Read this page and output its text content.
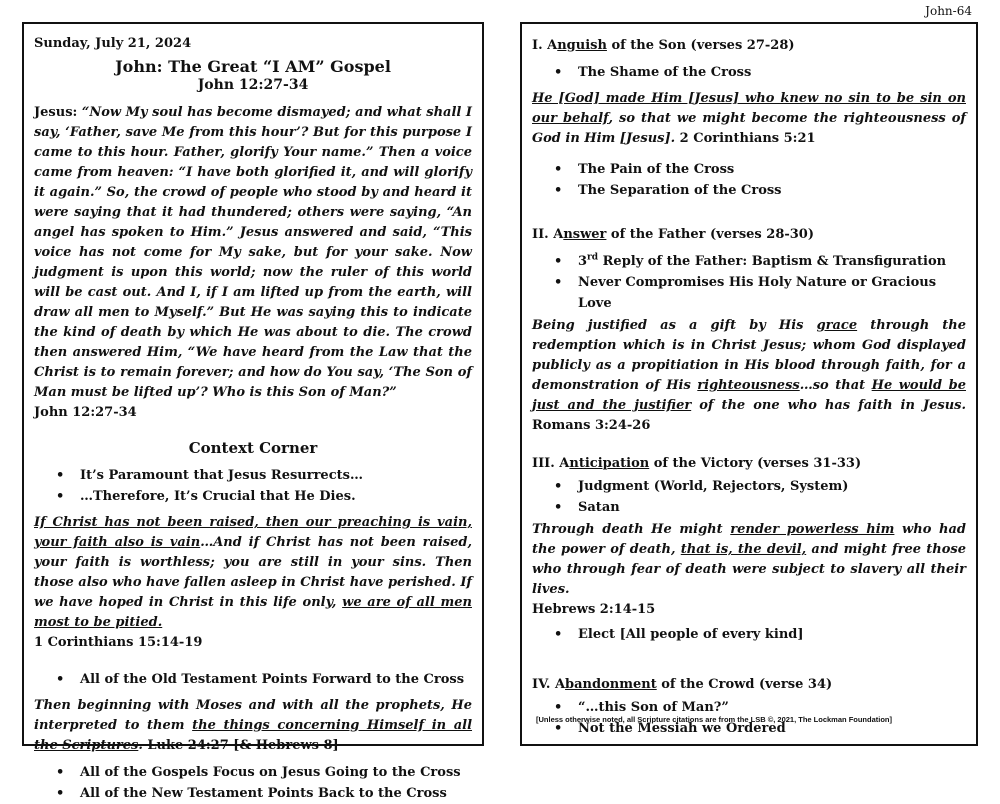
John-64
Sunday, July 21, 2024
John: The Great “I AM” Gospel
John 12:27-34
Jesus: “Now My soul has become dismayed; and what shall I say, ‘Father, save Me from this hour’? But for this purpose I came to this hour. Father, glorify Your name.” Then a voice came from heaven: “I have both glorified it, and will glorify it again.” So, the crowd of people who stood by and heard it were saying that it had thundered; others were saying, “An angel has spoken to Him.” Jesus answered and said, “This voice has not come for My sake, but for your sake. Now judgment is upon this world; now the ruler of this world will be cast out. And I, if I am lifted up from the earth, will draw all men to Myself.” But He was saying this to indicate the kind of death by which He was about to die. The crowd then answered Him, “We have heard from the Law that the Christ is to remain forever; and how do You say, ‘The Son of Man must be lifted up’? Who is this Son of Man?”
John 12:27-34
Context Corner
• It’s Paramount that Jesus Resurrects…
• …Therefore, It’s Crucial that He Dies.
If Christ has not been raised, then our preaching is vain, your faith also is vain…And if Christ has not been raised, your faith is worthless; you are still in your sins. Then those also who have fallen asleep in Christ have perished. If we have hoped in Christ in this life only, we are of all men most to be pitied.
1 Corinthians 15:14-19
• All of the Old Testament Points Forward to the Cross
Then beginning with Moses and with all the prophets, He interpreted to them the things concerning Himself in all the Scriptures. Luke 24:27 [& Hebrews 8]
• All of the Gospels Focus on Jesus Going to the Cross
• All of the New Testament Points Back to the Cross
I. Anguish of the Son (verses 27-28)
• The Shame of the Cross
He [God] made Him [Jesus] who knew no sin to be sin on our behalf, so that we might become the righteousness of God in Him [Jesus]. 2 Corinthians 5:21
• The Pain of the Cross
• The Separation of the Cross
II. Answer of the Father (verses 28-30)
• 3rd Reply of the Father: Baptism & Transfiguration
• Never Compromises His Holy Nature or Gracious Love
Being justified as a gift by His grace through the redemption which is in Christ Jesus; whom God displayed publicly as a propitiation in His blood through faith, for a demonstration of His righteousness…so that He would be just and the justifier of the one who has faith in Jesus. Romans 3:24-26
III. Anticipation of the Victory (verses 31-33)
• Judgment (World, Rejectors, System)
• Satan
Through death He might render powerless him who had the power of death, that is, the devil, and might free those who through fear of death were subject to slavery all their lives.
Hebrews 2:14-15
• Elect [All people of every kind]
IV. Abandonment of the Crowd (verse 34)
• “…this Son of Man?”
• Not the Messiah we Ordered
[Unless otherwise noted, all Scripture citations are from the LSB ©, 2021, The Lockman Foundation]
